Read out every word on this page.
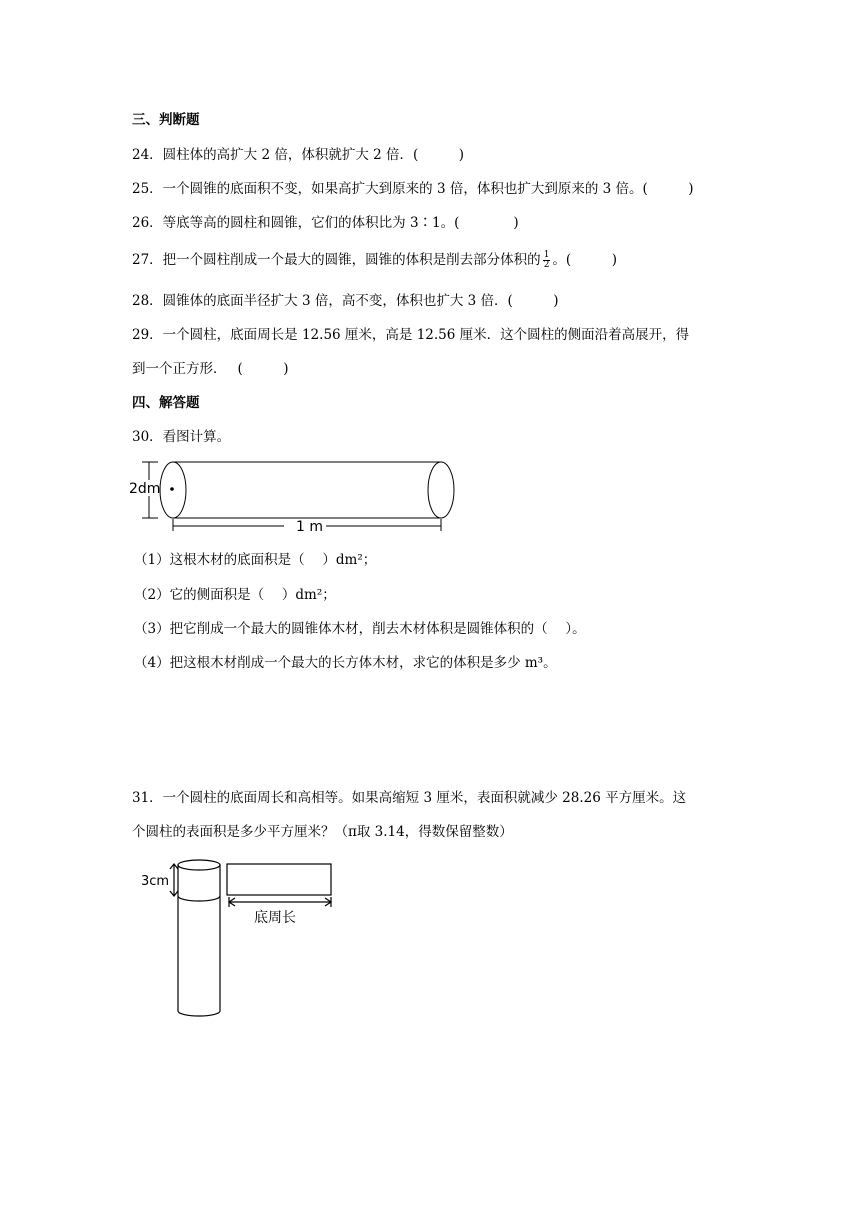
三、判断题
24．圆柱体的高扩大 2 倍，体积就扩大 2 倍．(　　　)
25．一个圆锥的底面积不变，如果高扩大到原来的 3 倍，体积也扩大到原来的 3 倍。(　　　)
26．等底等高的圆柱和圆锥，它们的体积比为 3∶1。(　　　　)
27．把一个圆柱削成一个最大的圆锥，圆锥的体积是削去部分体积的 $\frac{1}{2}$ 。(　　　)
28．圆锥体的底面半径扩大 3 倍，高不变，体积也扩大 3 倍．(　　　)
29．一个圆柱，底面周长是 12.56 厘米，高是 12.56 厘米．这个圆柱的侧面沿着高展开，得
到一个正方形．　 (　　　)
四、解答题
30．看图计算。
2dm
1 m
（1）这根木材的底面积是（　 ）dm²；
（2）它的侧面积是（　 ）dm²；
（3）把它削成一个最大的圆锥体木材，削去木材体积是圆锥体积的（　 ）。
（4）把这根木材削成一个最大的长方体木材，求它的体积是多少 m³。
31．一个圆柱的底面周长和高相等。如果高缩短 3 厘米，表面积就减少 28.26 平方厘米。这
个圆柱的表面积是多少平方厘米？（π取 3.14，得数保留整数）
3cm
底周长
